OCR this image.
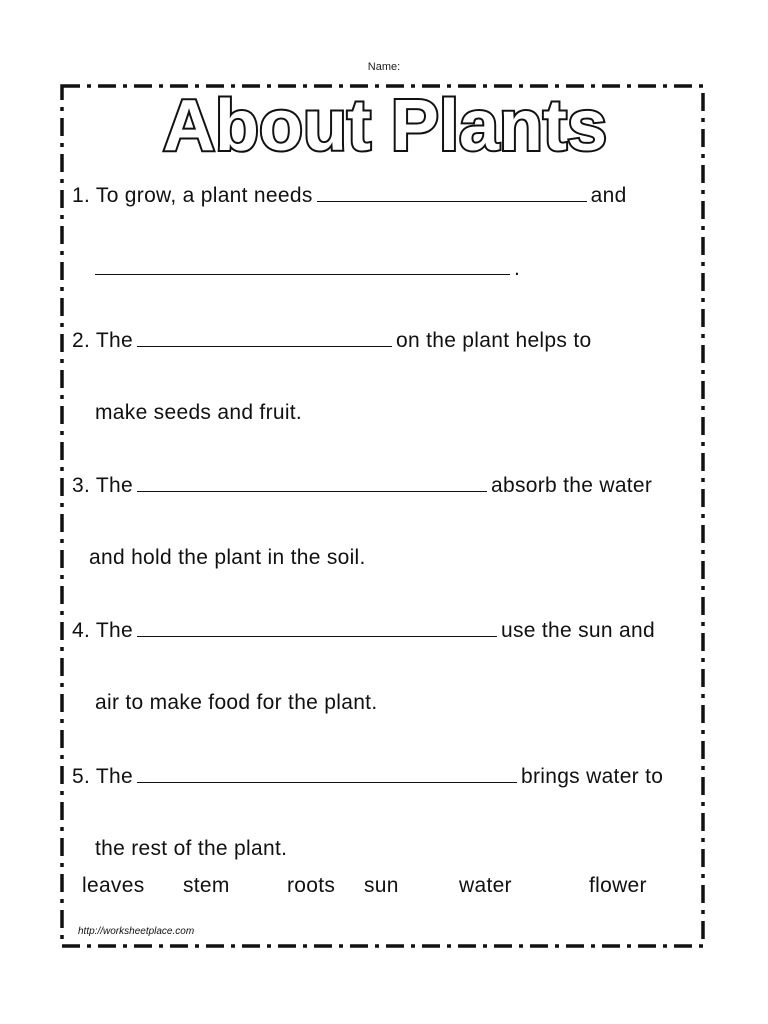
Name:
About Plants
1. To grow, a plant needs	and
.
2. The	on the plant helps to
make seeds and fruit.
3. The	absorb the water
and hold the plant in the soil.
4. The	use the sun and
air to make food for the plant.
5. The	brings water to
the rest of the plant.
leaves stem	roots sun	water	flower
http://worksheetplace.com
